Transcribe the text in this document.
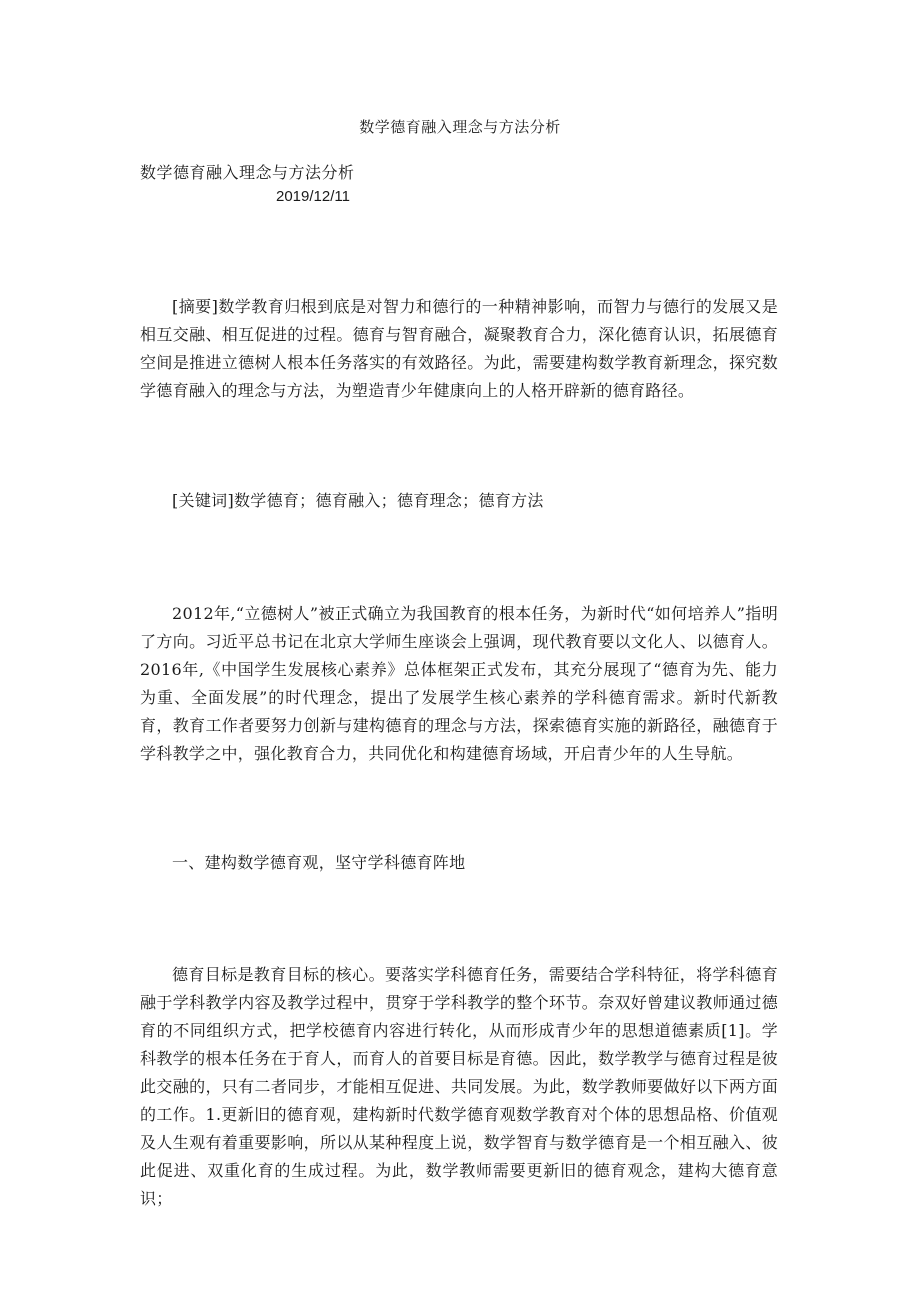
数学德育融入理念与方法分析
数学德育融入理念与方法分析
2019/12/11
[摘要]数学教育归根到底是对智力和德行的一种精神影响，而智力与德行的发展又是相互交融、相互促进的过程。德育与智育融合，凝聚教育合力，深化德育认识，拓展德育空间是推进立德树人根本任务落实的有效路径。为此，需要建构数学教育新理念，探究数学德育融入的理念与方法，为塑造青少年健康向上的人格开辟新的德育路径。
[关键词]数学德育；德育融入；德育理念；德育方法
2012年,“立德树人”被正式确立为我国教育的根本任务，为新时代“如何培养人”指明了方向。习近平总书记在北京大学师生座谈会上强调，现代教育要以文化人、以德育人。2016年,《中国学生发展核心素养》总体框架正式发布，其充分展现了“德育为先、能力为重、全面发展”的时代理念，提出了发展学生核心素养的学科德育需求。新时代新教育，教育工作者要努力创新与建构德育的理念与方法，探索德育实施的新路径，融德育于学科教学之中，强化教育合力，共同优化和构建德育场域，开启青少年的人生导航。
一、建构数学德育观，坚守学科德育阵地
德育目标是教育目标的核心。要落实学科德育任务，需要结合学科特征，将学科德育融于学科教学内容及教学过程中，贯穿于学科教学的整个环节。奈双好曾建议教师通过德育的不同组织方式，把学校德育内容进行转化，从而形成青少年的思想道德素质[1]。学科教学的根本任务在于育人，而育人的首要目标是育德。因此，数学教学与德育过程是彼此交融的，只有二者同步，才能相互促进、共同发展。为此，数学教师要做好以下两方面的工作。1.更新旧的德育观，建构新时代数学德育观数学教育对个体的思想品格、价值观及人生观有着重要影响，所以从某种程度上说，数学智育与数学德育是一个相互融入、彼此促进、双重化育的生成过程。为此，数学教师需要更新旧的德育观念，建构大德育意识；
